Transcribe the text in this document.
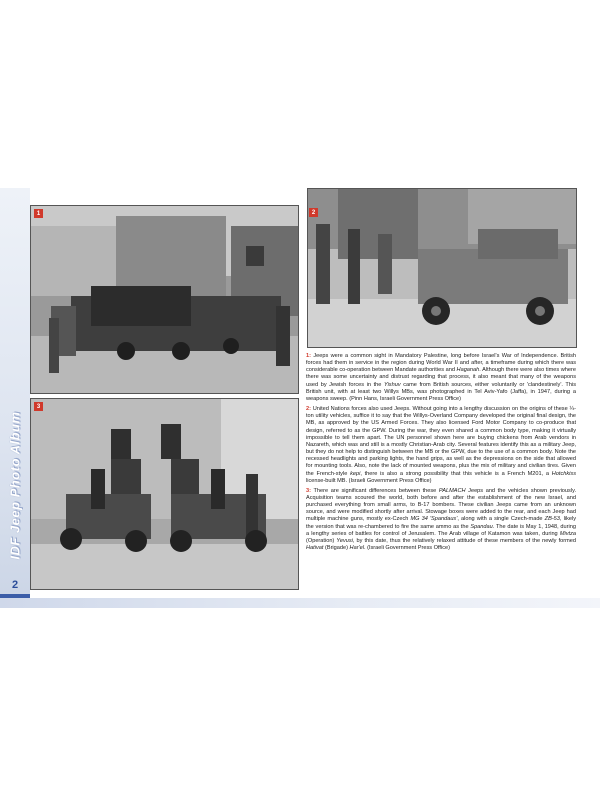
IDF Jeep Photo Album
2
1	2
3

1: Jeeps were a common sight in Mandatory Palestine, long before Israel's War of Independence. British forces had them in service in the region during World War II and after, a timeframe during which there was considerable co-operation between Mandate authorities and Haganah. Although there were also times where there was some uncertainty and distrust regarding that process, it also meant that many of the weapons used by Jewish forces in the Yishuv came from British sources, either voluntarily or 'clandestinely'. This British unit, with at least two Willys MBs, was photographed in Tel Aviv-Yafo (Jaffa), in 1947, during a weapons sweep. (Pinn Hans, Israeli Government Press Office)

2: United Nations forces also used Jeeps. Without going into a lengthy discussion on the origins of these ¼-ton utility vehicles, suffice it to say that the Willys-Overland Company developed the original final design, the MB, as approved by the US Armed Forces. They also licensed Ford Motor Company to co-produce that design, referred to as the GPW. During the war, they even shared a common body type, making it virtually impossible to tell them apart. The UN personnel shown here are buying chickens from Arab vendors in Nazareth, which was and still is a mostly Christian-Arab city. Several features identify this as a military Jeep, but they do not help to distinguish between the MB or the GPW, due to the use of a common body. Note the recessed headlights and parking lights, the hand grips, as well as the depressions on the side that allowed for mounting tools. Also, note the lack of mounted weapons, plus the mix of military and civilian tires. Given the French-style kepi, there is also a strong possibility that this vehicle is a French M201, a Hotchkiss license-built MB. (Israeli Government Press Office)

3: There are significant differences between these PALMACH Jeeps and the vehicles shown previously. Acquisition teams scoured the world, both before and after the establishment of the new Israel, and purchased everything from small arms, to B-17 bombers. These civilian Jeeps came from an unknown source, and were modified shortly after arrival. Stowage boxes were added to the rear, and each Jeep had multiple machine guns, mostly ex-Czech MG 34 'Spandaus', along with a single Czech-made ZB-53, likely the version that was re-chambered to fire the same ammo as the Spandau. The date is May 1, 1948, during a lengthy series of battles for control of Jerusalem. The Arab village of Katamon was taken, during Mivtza (Operation) Yevusi, by this date, thus the relatively relaxed attitude of these members of the newly formed Hativat (Brigade) Har'el. (Israeli Government Press Office)
